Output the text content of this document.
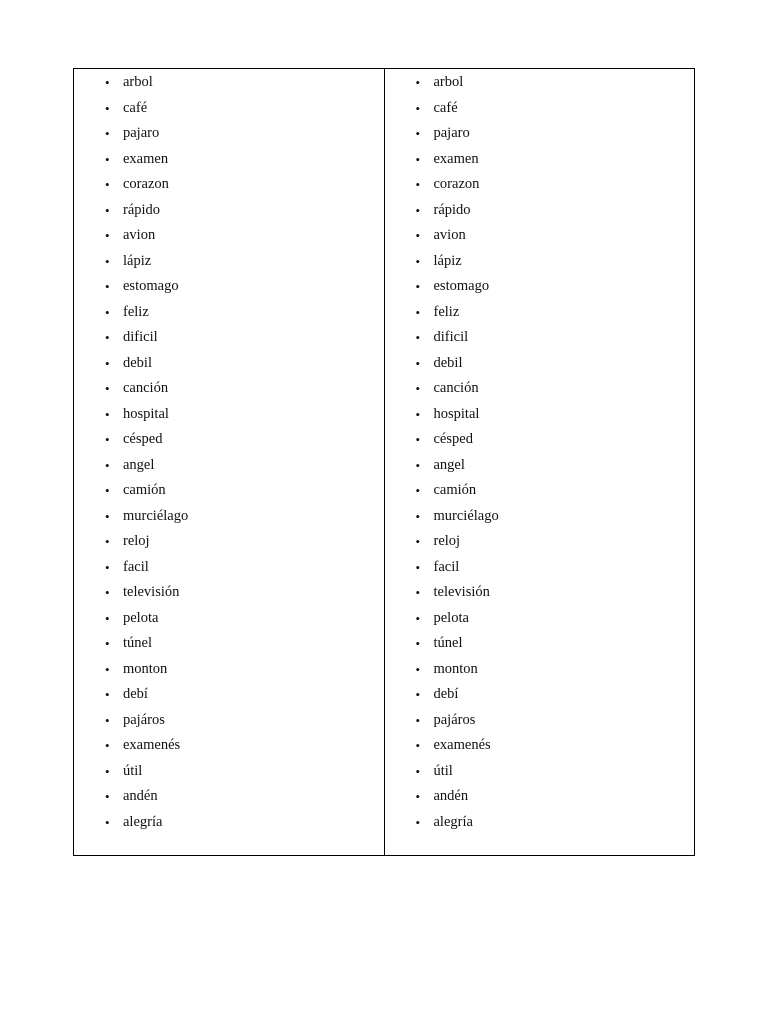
• arbol
• café
• pajaro
• examen
• corazon
• rápido
• avion
• lápiz
• estomago
• feliz
• dificil
• debil
• canción
• hospital
• césped
• angel
• camión
• murciélago
• reloj
• facil
• televisión
• pelota
• túnel
• monton
• debí
• pajáros
• examenés
• útil
• andén
• alegría
• arbol
• café
• pajaro
• examen
• corazon
• rápido
• avion
• lápiz
• estomago
• feliz
• dificil
• debil
• canción
• hospital
• césped
• angel
• camión
• murciélago
• reloj
• facil
• televisión
• pelota
• túnel
• monton
• debí
• pajáros
• examenés
• útil
• andén
• alegría
